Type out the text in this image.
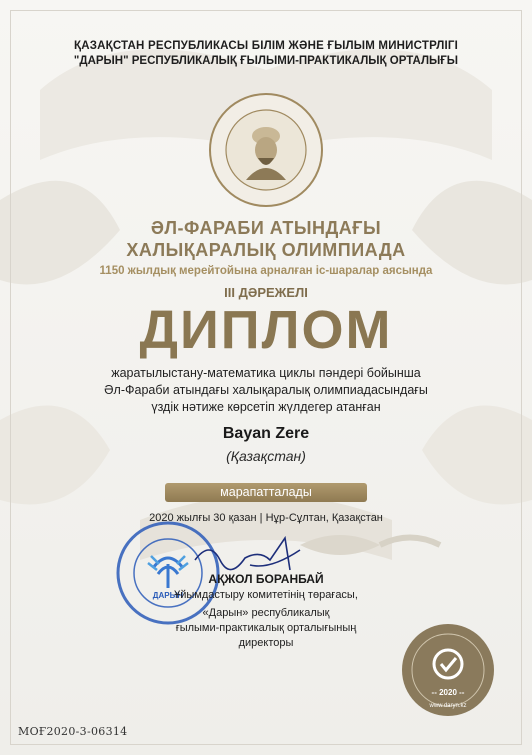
ҚАЗАҚСТАН РЕСПУБЛИКАСЫ БІЛІМ ЖӘНЕ ҒЫЛЫМ МИНИСТРЛІГІ
"ДАРЫН" РЕСПУБЛИКАЛЫҚ ҒЫЛЫМИ-ПРАКТИКАЛЫҚ ОРТАЛЫҒЫ
ӘЛ-ФАРАБИ АТЫНДАҒЫ
ХАЛЫҚАРАЛЫҚ ОЛИМПИАДА
1150 жылдық мерейтойына арналған іс-шаралар аясында
ІІІ ДӘРЕЖЕЛІ
ДИПЛОМ
жаратылыстану-математика циклы пәндері бойынша
Әл-Фараби атындағы халықаралық олимпиадасындағы
үздік нәтиже көрсетіп жүлдегер атанған
Bayan Zere
(Қазақстан)
марапатталады
2020 жылғы 30 қазан | Нұр-Сұлтан, Қазақстан
ДАРЫН
АҚЖОЛ БОРАНБАЙ
Ұйымдастыру комитетінің төрағасы,
«Дарын» республикалық
ғылыми-практикалық орталығының
директоры
-- 2020 --
www.daryn.kz
МОҒ2020-3-06314
